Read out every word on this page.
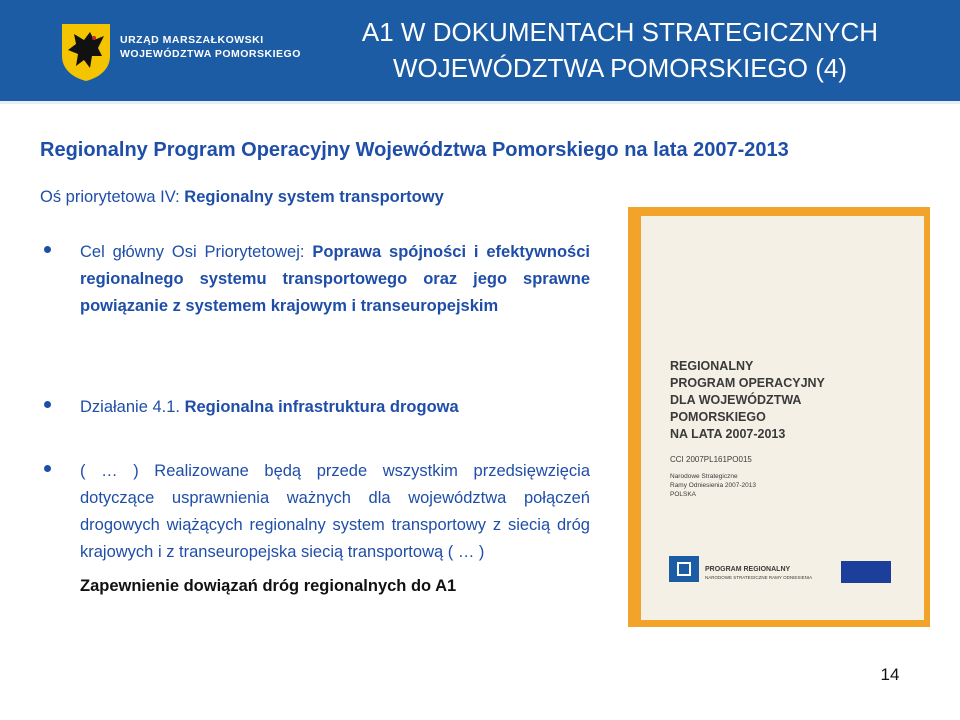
URZĄD MARSZAŁKOWSKI
WOJEWÓDZTWA POMORSKIEGO
A1 W DOKUMENTACH STRATEGICZNYCH
WOJEWÓDZTWA POMORSKIEGO (4)
Regionalny Program Operacyjny Województwa Pomorskiego na lata 2007-2013
Oś priorytetowa IV: Regionalny system transportowy
Cel główny Osi Priorytetowej: Poprawa spójności i efektywności regionalnego systemu transportowego oraz jego sprawne powiązanie z systemem krajowym i transeuropejskim
Działanie 4.1. Regionalna infrastruktura drogowa
( … ) Realizowane będą przede wszystkim przedsięwzięcia dotyczące usprawnienia ważnych dla województwa połączeń drogowych wiążących regionalny system transportowy z siecią dróg krajowych i z transeuropejska siecią transportową ( … )
Zapewnienie dowiązań dróg regionalnych do A1
REGIONALNY
PROGRAM OPERACYJNY
DLA WOJEWÓDZTWA
POMORSKIEGO
NA LATA 2007-2013
CCI 2007PL161PO015
Narodowe Strategiczne
Ramy Odniesienia 2007-2013
POLSKA
PROGRAM REGIONALNY
NARODOWE STRATEGICZNE RAMY ODNIESIENIA
14
